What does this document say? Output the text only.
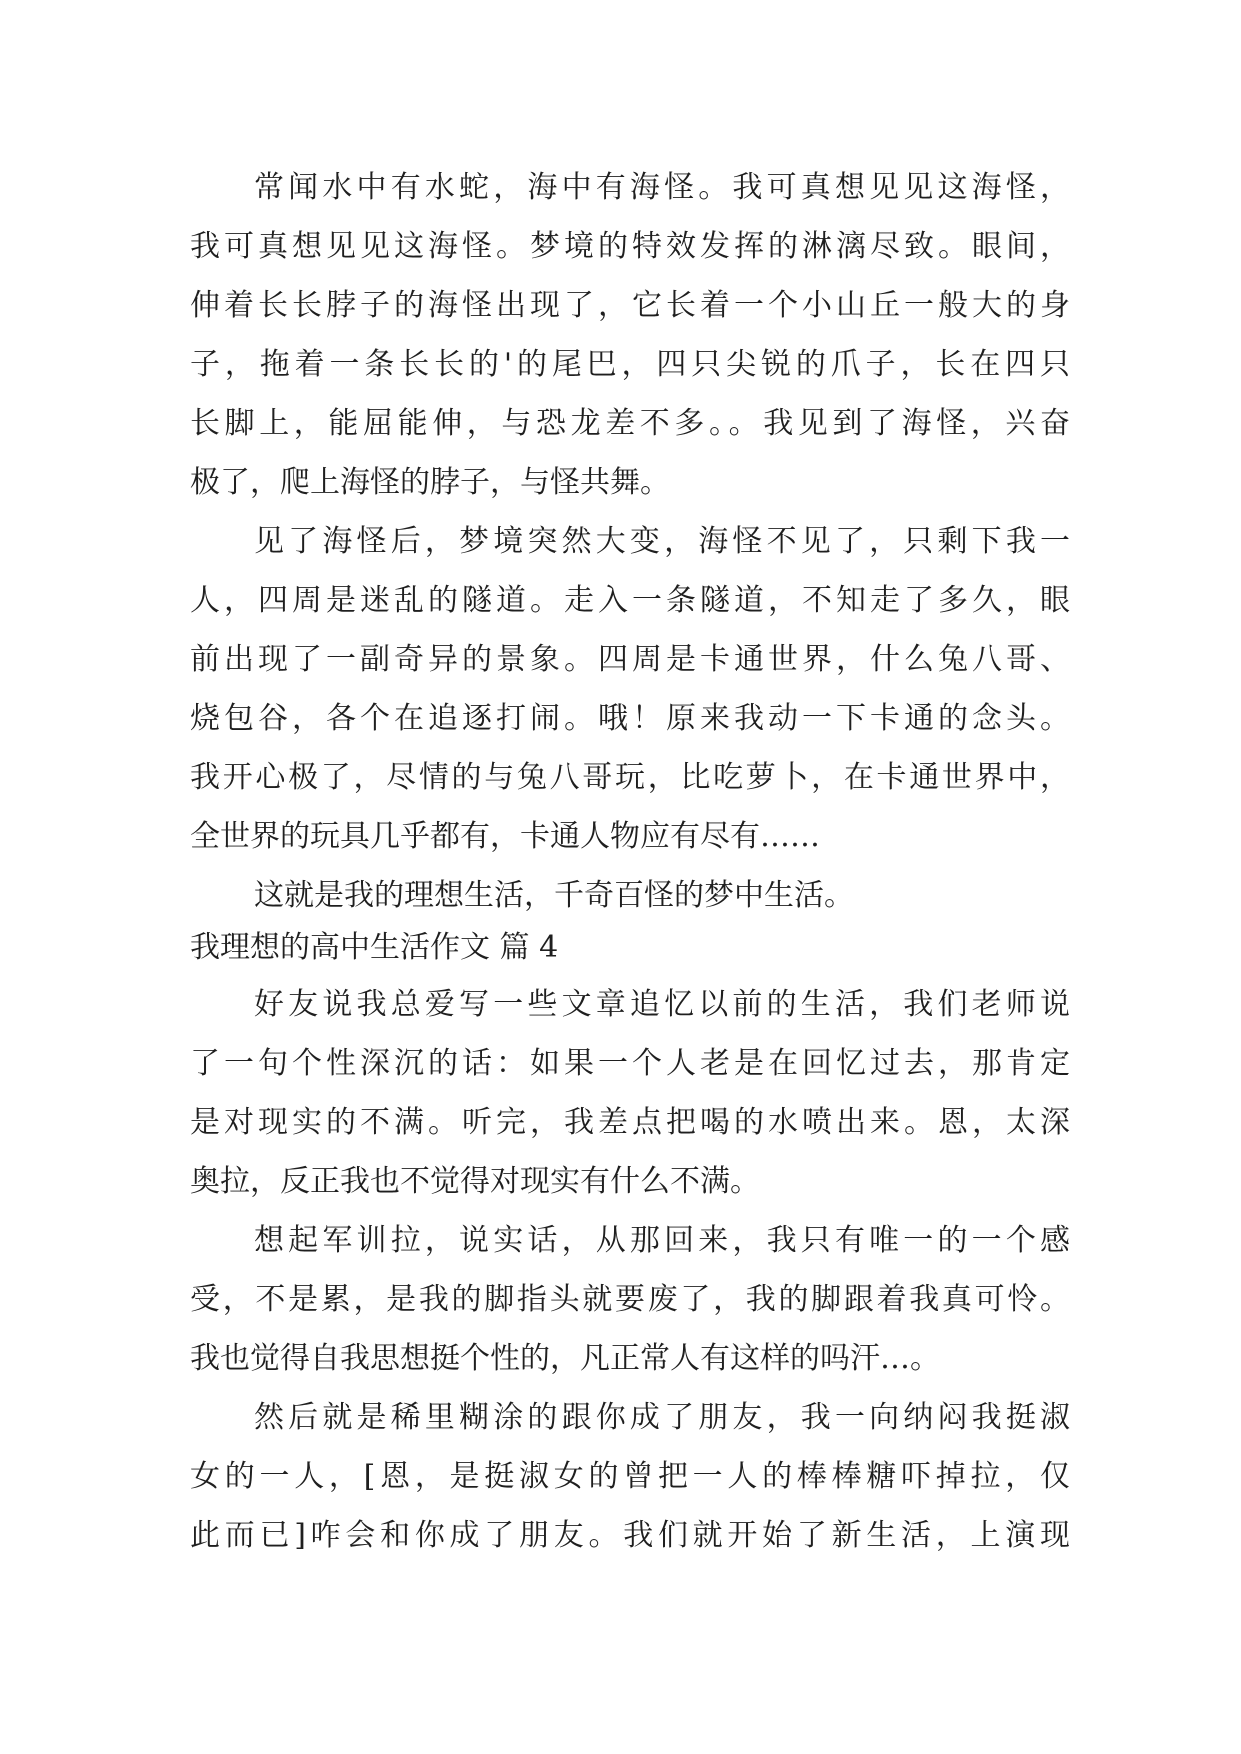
常闻水中有水蛇，海中有海怪。我可真想见见这海怪，
我可真想见见这海怪。梦境的特效发挥的淋漓尽致。眼间，
伸着长长脖子的海怪出现了，它长着一个小山丘一般大的身
子，拖着一条长长的'的尾巴，四只尖锐的爪子，长在四只
长脚上，能屈能伸，与恐龙差不多。。我见到了海怪，兴奋
极了，爬上海怪的脖子，与怪共舞。
见了海怪后，梦境突然大变，海怪不见了，只剩下我一
人，四周是迷乱的隧道。走入一条隧道，不知走了多久，眼
前出现了一副奇异的景象。四周是卡通世界，什么兔八哥、
烧包谷，各个在追逐打闹。哦！原来我动一下卡通的念头。
我开心极了，尽情的与兔八哥玩，比吃萝卜，在卡通世界中，
全世界的玩具几乎都有，卡通人物应有尽有……
这就是我的理想生活，千奇百怪的梦中生活。
我理想的高中生活作文 篇 4
好友说我总爱写一些文章追忆以前的生活，我们老师说
了一句个性深沉的话：如果一个人老是在回忆过去，那肯定
是对现实的不满。听完，我差点把喝的水喷出来。恩，太深
奥拉，反正我也不觉得对现实有什么不满。
想起军训拉，说实话，从那回来，我只有唯一的一个感
受，不是累，是我的脚指头就要废了，我的脚跟着我真可怜。
我也觉得自我思想挺个性的，凡正常人有这样的吗汗…。
然后就是稀里糊涂的跟你成了朋友，我一向纳闷我挺淑
女的一人，[恩，是挺淑女的曾把一人的棒棒糖吓掉拉，仅
此而已]咋会和你成了朋友。我们就开始了新生活，上演现
